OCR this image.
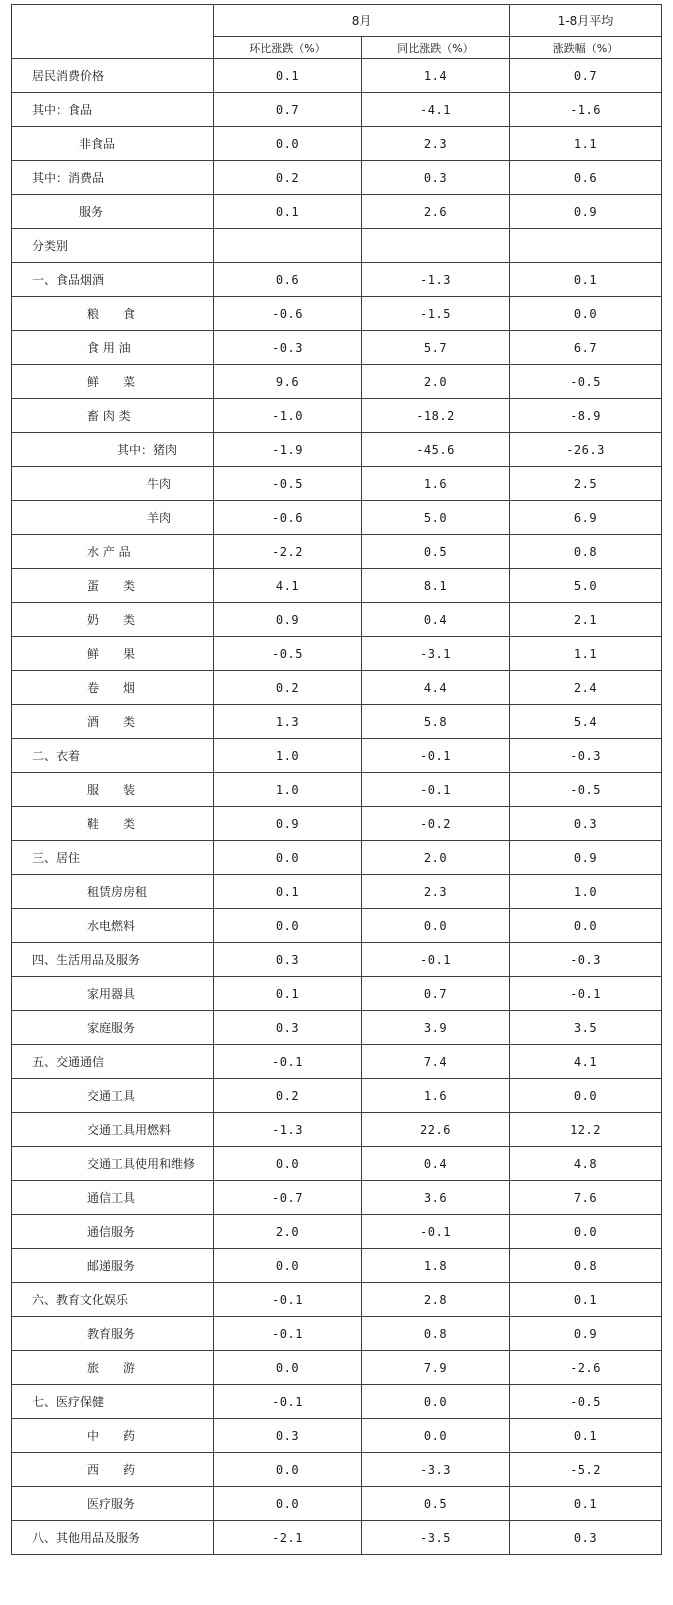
	8月		1-8月平均
	环比涨跌（%）	同比涨跌（%）	涨跌幅（%）
居民消费价格	0.1	1.4	0.7
其中：食品	0.7	-4.1	-1.6
非食品	0.0	2.3	1.1
其中：消费品	0.2	0.3	0.6
服务	0.1	2.6	0.9
分类别			
一、食品烟酒	0.6	-1.3	0.1
粮　　食	-0.6	-1.5	0.0
食 用 油	-0.3	5.7	6.7
鲜　　菜	9.6	2.0	-0.5
畜 肉 类	-1.0	-18.2	-8.9
其中：猪肉	-1.9	-45.6	-26.3
牛肉	-0.5	1.6	2.5
羊肉	-0.6	5.0	6.9
水 产 品	-2.2	0.5	0.8
蛋　　类	4.1	8.1	5.0
奶　　类	0.9	0.4	2.1
鲜　　果	-0.5	-3.1	1.1
卷　　烟	0.2	4.4	2.4
酒　　类	1.3	5.8	5.4
二、衣着	1.0	-0.1	-0.3
服　　装	1.0	-0.1	-0.5
鞋　　类	0.9	-0.2	0.3
三、居住	0.0	2.0	0.9
租赁房房租	0.1	2.3	1.0
水电燃料	0.0	0.0	0.0
四、生活用品及服务	0.3	-0.1	-0.3
家用器具	0.1	0.7	-0.1
家庭服务	0.3	3.9	3.5
五、交通通信	-0.1	7.4	4.1
交通工具	0.2	1.6	0.0
交通工具用燃料	-1.3	22.6	12.2
交通工具使用和维修	0.0	0.4	4.8
通信工具	-0.7	3.6	7.6
通信服务	2.0	-0.1	0.0
邮递服务	0.0	1.8	0.8
六、教育文化娱乐	-0.1	2.8	0.1
教育服务	-0.1	0.8	0.9
旅　　游	0.0	7.9	-2.6
七、医疗保健	-0.1	0.0	-0.5
中　　药	0.3	0.0	0.1
西　　药	0.0	-3.3	-5.2
医疗服务	0.0	0.5	0.1
八、其他用品及服务	-2.1	-3.5	0.3
